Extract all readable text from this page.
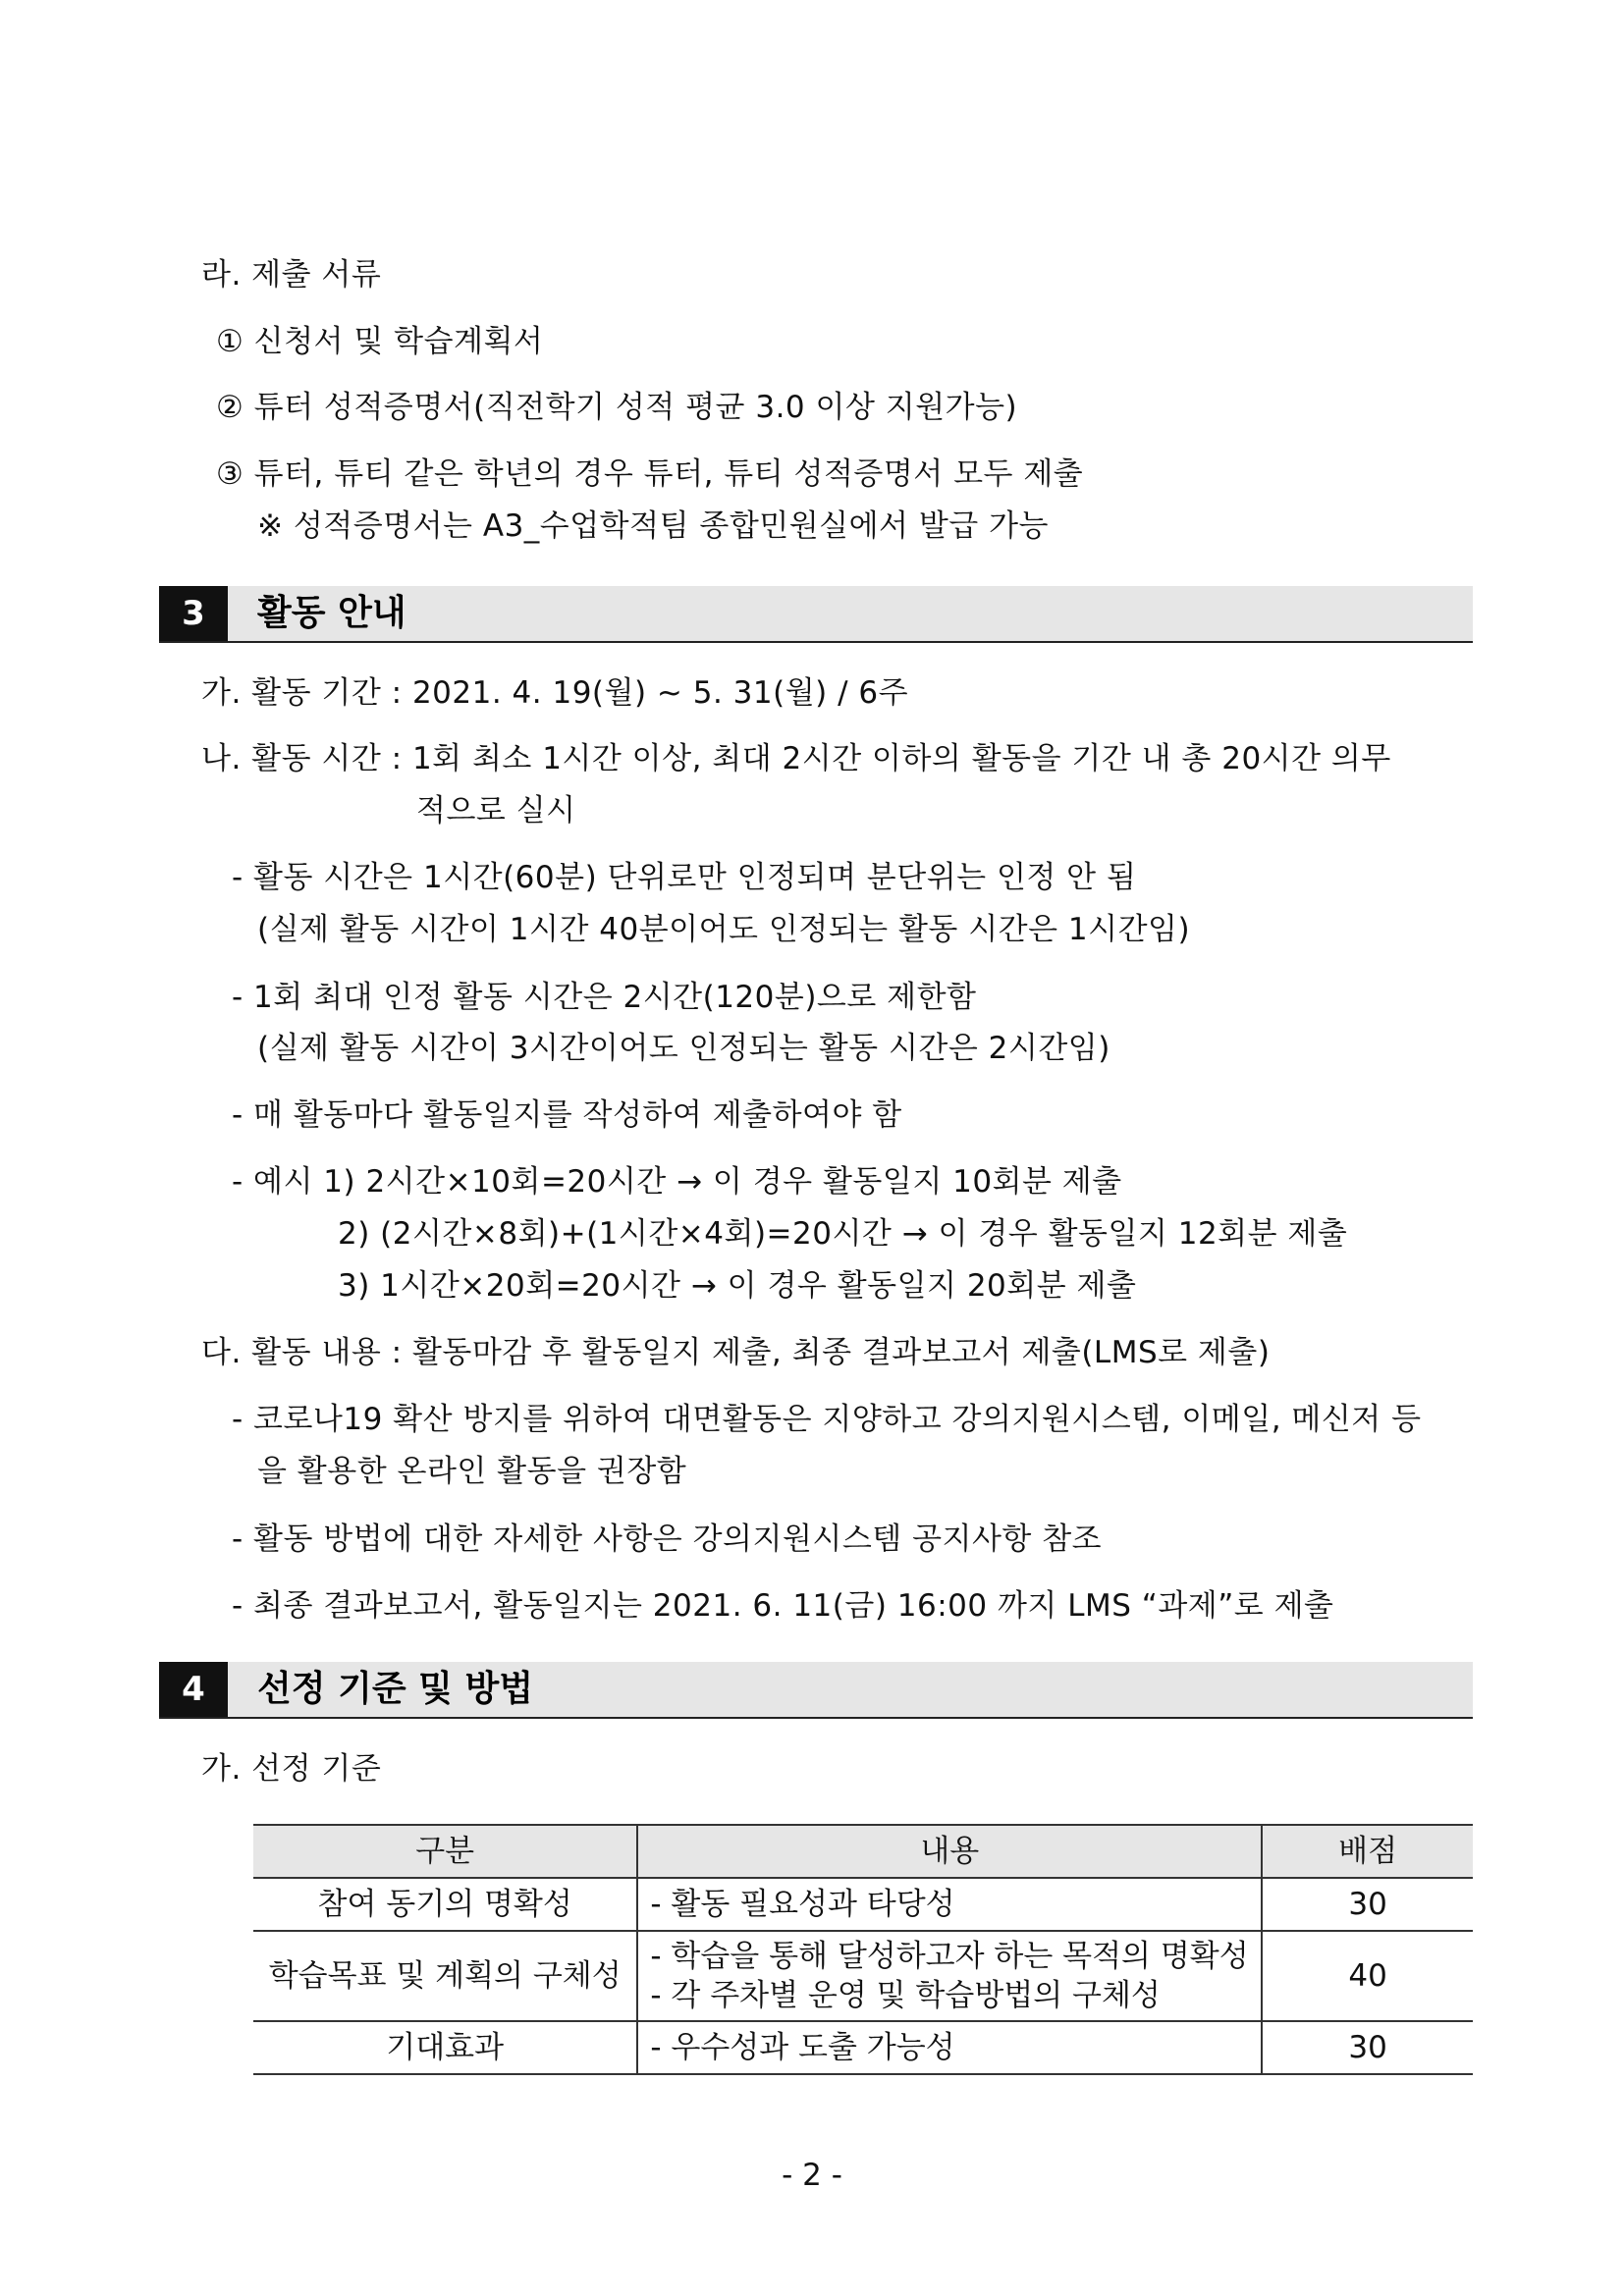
라. 제출 서류
① 신청서 및 학습계획서
② 튜터 성적증명서(직전학기 성적 평균 3.0 이상 지원가능)
③ 튜터, 튜티 같은 학년의 경우 튜터, 튜티 성적증명서 모두 제출
※ 성적증명서는 A3_수업학적팀 종합민원실에서 발급 가능
3	활동 안내
가. 활동 기간 : 2021. 4. 19(월) ~ 5. 31(월) / 6주
나. 활동 시간 : 1회 최소 1시간 이상, 최대 2시간 이하의 활동을 기간 내 총 20시간 의무
적으로 실시
- 활동 시간은 1시간(60분) 단위로만 인정되며 분단위는 인정 안 됨
(실제 활동 시간이 1시간 40분이어도 인정되는 활동 시간은 1시간임)
- 1회 최대 인정 활동 시간은 2시간(120분)으로 제한함
(실제 활동 시간이 3시간이어도 인정되는 활동 시간은 2시간임)
- 매 활동마다 활동일지를 작성하여 제출하여야 함
- 예시 1) 2시간×10회=20시간 → 이 경우 활동일지 10회분 제출
2) (2시간×8회)+(1시간×4회)=20시간 → 이 경우 활동일지 12회분 제출
3) 1시간×20회=20시간 → 이 경우 활동일지 20회분 제출
다. 활동 내용 : 활동마감 후 활동일지 제출, 최종 결과보고서 제출(LMS로 제출)
- 코로나19 확산 방지를 위하여 대면활동은 지양하고 강의지원시스템, 이메일, 메신저 등
을 활용한 온라인 활동을 권장함
- 활동 방법에 대한 자세한 사항은 강의지원시스템 공지사항 참조
- 최종 결과보고서, 활동일지는 2021. 6. 11(금) 16:00 까지 LMS “과제”로 제출
4	선정 기준 및 방법
가. 선정 기준
구분	내용	배점
참여 동기의 명확성	- 활동 필요성과 타당성	30
학습목표 및 계획의 구체성	- 학습을 통해 달성하고자 하는 목적의 명확성
- 각 주차별 운영 및 학습방법의 구체성	40
기대효과	- 우수성과 도출 가능성	30
- 2 -
